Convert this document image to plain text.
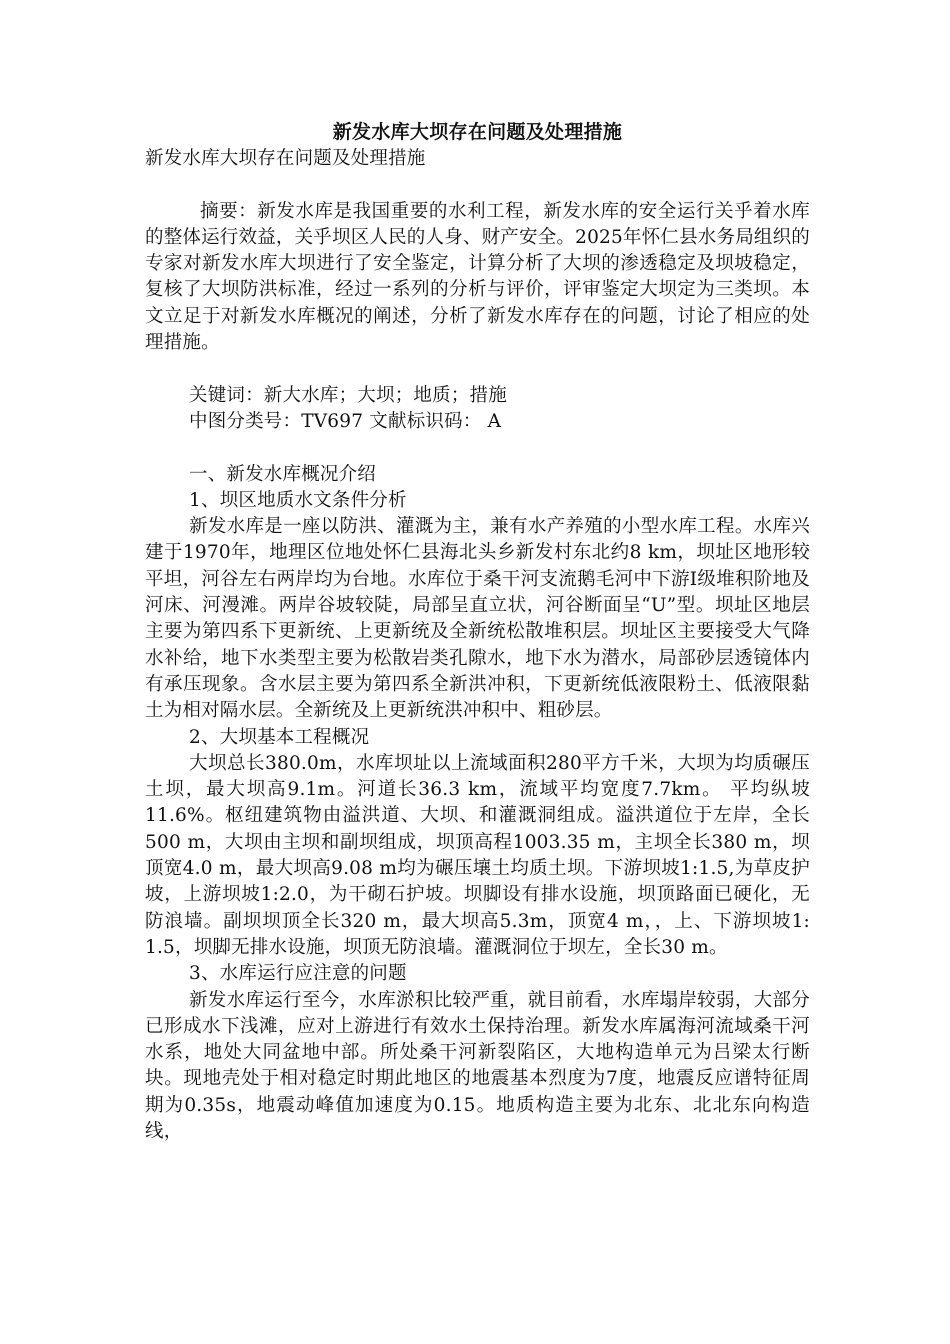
新发水库大坝存在问题及处理措施

新发水库大坝存在问题及处理措施

摘要：新发水库是我国重要的水利工程，新发水库的安全运行关乎着水库的整体运行效益，关乎坝区人民的人身、财产安全。2025年怀仁县水务局组织的专家对新发水库大坝进行了安全鉴定，计算分析了大坝的渗透稳定及坝坡稳定，复核了大坝防洪标准，经过一系列的分析与评价，评审鉴定大坝定为三类坝。本文立足于对新发水库概况的阐述，分析了新发水库存在的问题，讨论了相应的处理措施。

关键词：新大水库；大坝；地质；措施

中图分类号：TV697 文献标识码： A

一、新发水库概况介绍

1、坝区地质水文条件分析

新发水库是一座以防洪、灌溉为主，兼有水产养殖的小型水库工程。水库兴建于1970年，地理区位地处怀仁县海北头乡新发村东北约8 km，坝址区地形较平坦，河谷左右两岸均为台地。水库位于桑干河支流鹅毛河中下游Ⅰ级堆积阶地及河床、河漫滩。两岸谷坡较陡，局部呈直立状，河谷断面呈“U”型。坝址区地层主要为第四系下更新统、上更新统及全新统松散堆积层。坝址区主要接受大气降水补给，地下水类型主要为松散岩类孔隙水，地下水为潜水，局部砂层透镜体内有承压现象。含水层主要为第四系全新洪冲积，下更新统低液限粉土、低液限黏土为相对隔水层。全新统及上更新统洪冲积中、粗砂层。

2、大坝基本工程概况

大坝总长380.0m，水库坝址以上流域面积280平方千米，大坝为均质碾压土坝，最大坝高9.1m。河道长36.3 km，流域平均宽度7.7km。 平均纵坡11.6%。枢纽建筑物由溢洪道、大坝、和灌溉洞组成。溢洪道位于左岸，全长500 m，大坝由主坝和副坝组成，坝顶高程1003.35 m，主坝全长380 m，坝顶宽4.0 m，最大坝高9.08 m均为碾压壤土均质土坝。下游坝坡1:1.5,为草皮护坡，上游坝坡1:2.0，为干砌石护坡。坝脚设有排水设施，坝顶路面已硬化，无防浪墙。副坝坝顶全长320 m，最大坝高5.3m，顶宽4 m，，上、下游坝坡1: 1.5，坝脚无排水设施，坝顶无防浪墙。灌溉洞位于坝左，全长30 m。

3、水库运行应注意的问题

新发水库运行至今，水库淤积比较严重，就目前看，水库塌岸较弱，大部分已形成水下浅滩，应对上游进行有效水土保持治理。新发水库属海河流域桑干河水系，地处大同盆地中部。所处桑干河新裂陷区，大地构造单元为吕梁太行断块。现地壳处于相对稳定时期此地区的地震基本烈度为7度，地震反应谱特征周期为0.35s，地震动峰值加速度为0.15。地质构造主要为北东、北北东向构造线，
